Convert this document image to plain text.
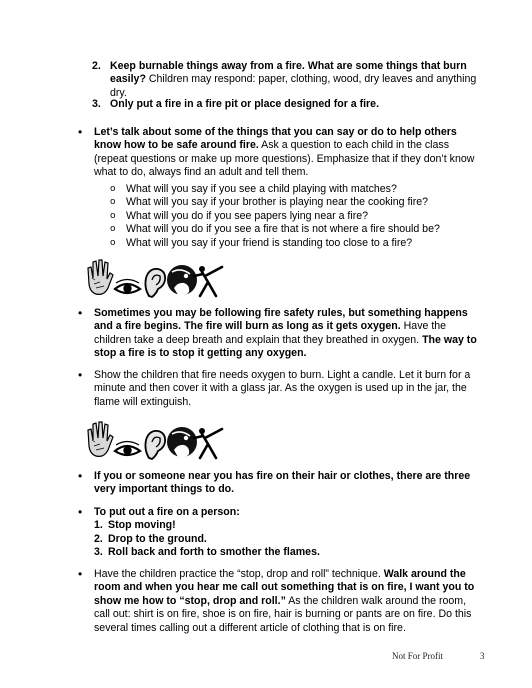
2. Keep burnable things away from a fire. What are some things that burn easily? Children may respond: paper, clothing, wood, dry leaves and anything dry.
3. Only put a fire in a fire pit or place designed for a fire.
•	Let’s talk about some of the things that you can say or do to help others know how to be safe around fire. Ask a question to each child in the class (repeat questions or make up more questions). Emphasize that if they don’t know what to do, always find an adult and tell them.
o What will you say if you see a child playing with matches?
o What will you say if your brother is playing near the cooking fire?
o What will you do if you see papers lying near a fire?
o What will you do if you see a fire that is not where a fire should be?
o What will you say if your friend is standing too close to a fire?
•	Sometimes you may be following fire safety rules, but something happens and a fire begins. The fire will burn as long as it gets oxygen. Have the children take a deep breath and explain that they breathed in oxygen. The way to stop a fire is to stop it getting any oxygen.
•	Show the children that fire needs oxygen to burn. Light a candle. Let it burn for a minute and then cover it with a glass jar. As the oxygen is used up in the jar, the flame will extinguish.
•	If you or someone near you has fire on their hair or clothes, there are three very important things to do.
•	To put out a fire on a person:
1. Stop moving!
2. Drop to the ground.
3. Roll back and forth to smother the flames.
•	Have the children practice the “stop, drop and roll” technique. Walk around the room and when you hear me call out something that is on fire, I want you to show me how to “stop, drop and roll.” As the children walk around the room, call out: shirt is on fire, shoe is on fire, hair is burning or pants are on fire. Do this several times calling out a different article of clothing that is on fire.
Not For Profit	3
